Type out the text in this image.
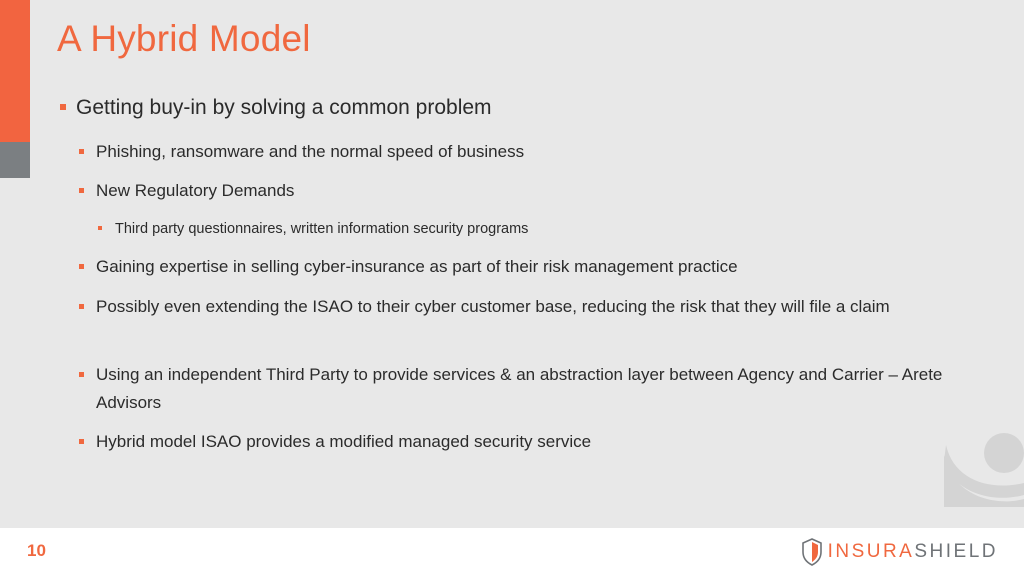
A Hybrid Model
Getting buy-in by solving a common problem
Phishing, ransomware and the normal speed of business
New Regulatory Demands
Third party questionnaires, written information security programs
Gaining expertise in selling cyber-insurance as part of their risk management practice
Possibly even extending the ISAO to their cyber customer base, reducing the risk that they will file a claim
Using an independent Third Party to provide services & an abstraction layer between Agency and Carrier – Arete Advisors
Hybrid model ISAO provides a modified managed security service
10	INSURASHIELD
